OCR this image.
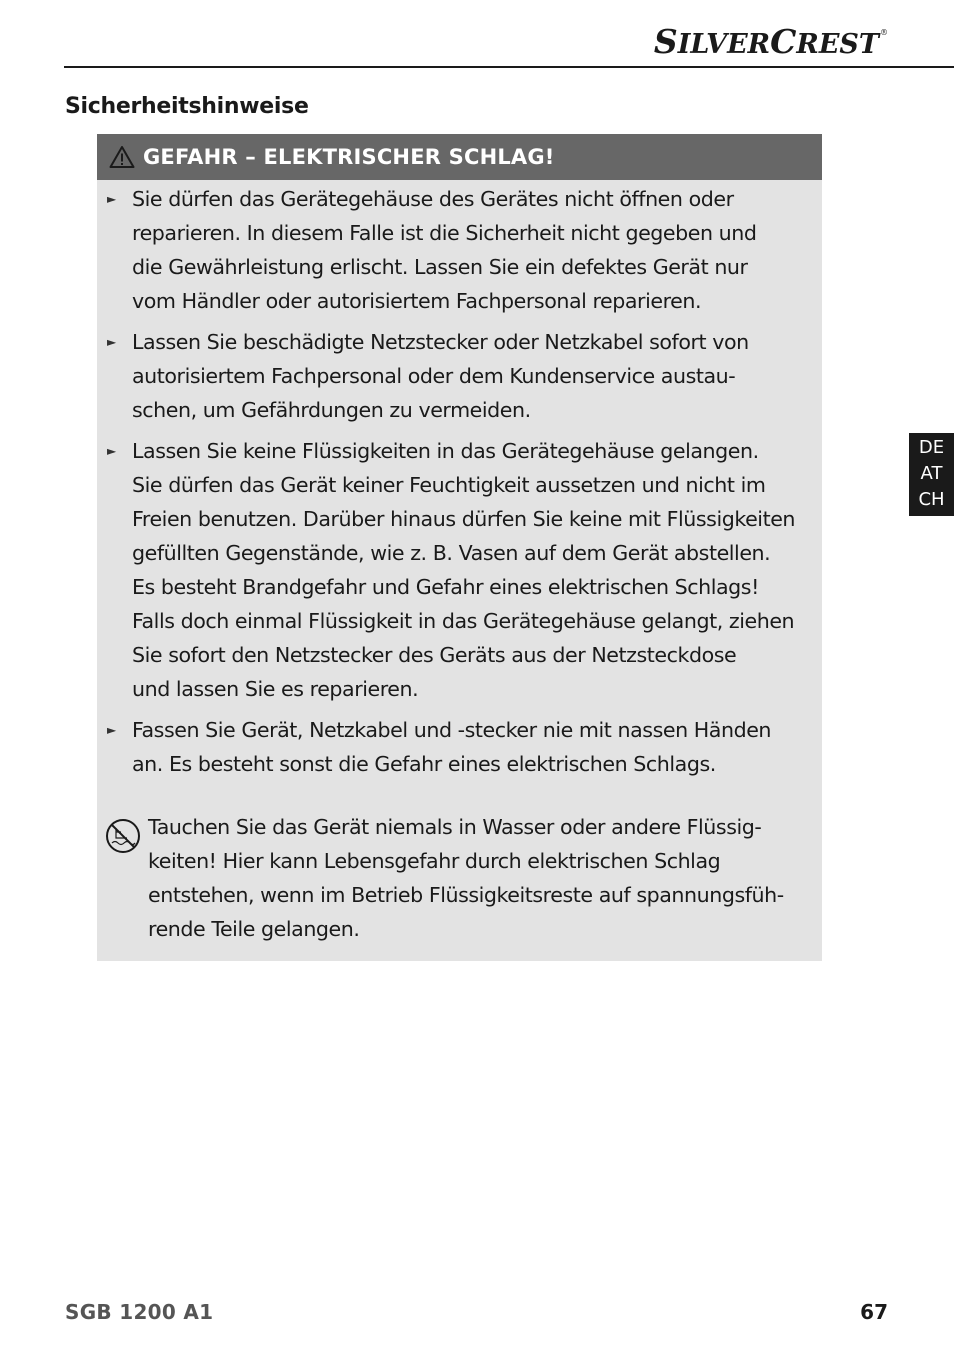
SILVERCREST®
Sicherheitshinweise
GEFAHR – ELEKTRISCHER SCHLAG!
► Sie dürfen das Gerätegehäuse des Gerätes nicht öffnen oder
reparieren. In diesem Falle ist die Sicherheit nicht gegeben und
die Gewährleistung erlischt. Lassen Sie ein defektes Gerät nur
vom Händler oder autorisiertem Fachpersonal reparieren.
► Lassen Sie beschädigte Netzstecker oder Netzkabel sofort von
autorisiertem Fachpersonal oder dem Kundenservice austau-
schen, um Gefährdungen zu vermeiden.
► Lassen Sie keine Flüssigkeiten in das Gerätegehäuse gelangen.
Sie dürfen das Gerät keiner Feuchtigkeit aussetzen und nicht im
Freien benutzen. Darüber hinaus dürfen Sie keine mit Flüssigkeiten
gefüllten Gegenstände, wie z. B. Vasen auf dem Gerät abstellen.
Es besteht Brandgefahr und Gefahr eines elektrischen Schlags!
Falls doch einmal Flüssigkeit in das Gerätegehäuse gelangt, ziehen
Sie sofort den Netzstecker des Geräts aus der Netzsteckdose
und lassen Sie es reparieren.
► Fassen Sie Gerät, Netzkabel und -stecker nie mit nassen Händen
an. Es besteht sonst die Gefahr eines elektrischen Schlags.
Tauchen Sie das Gerät niemals in Wasser oder andere Flüssig-
keiten! Hier kann Lebensgefahr durch elektrischen Schlag
entstehen, wenn im Betrieb Flüssigkeitsreste auf spannungsfüh-
rende Teile gelangen.
DE
AT
CH
SGB 1200 A1	67
